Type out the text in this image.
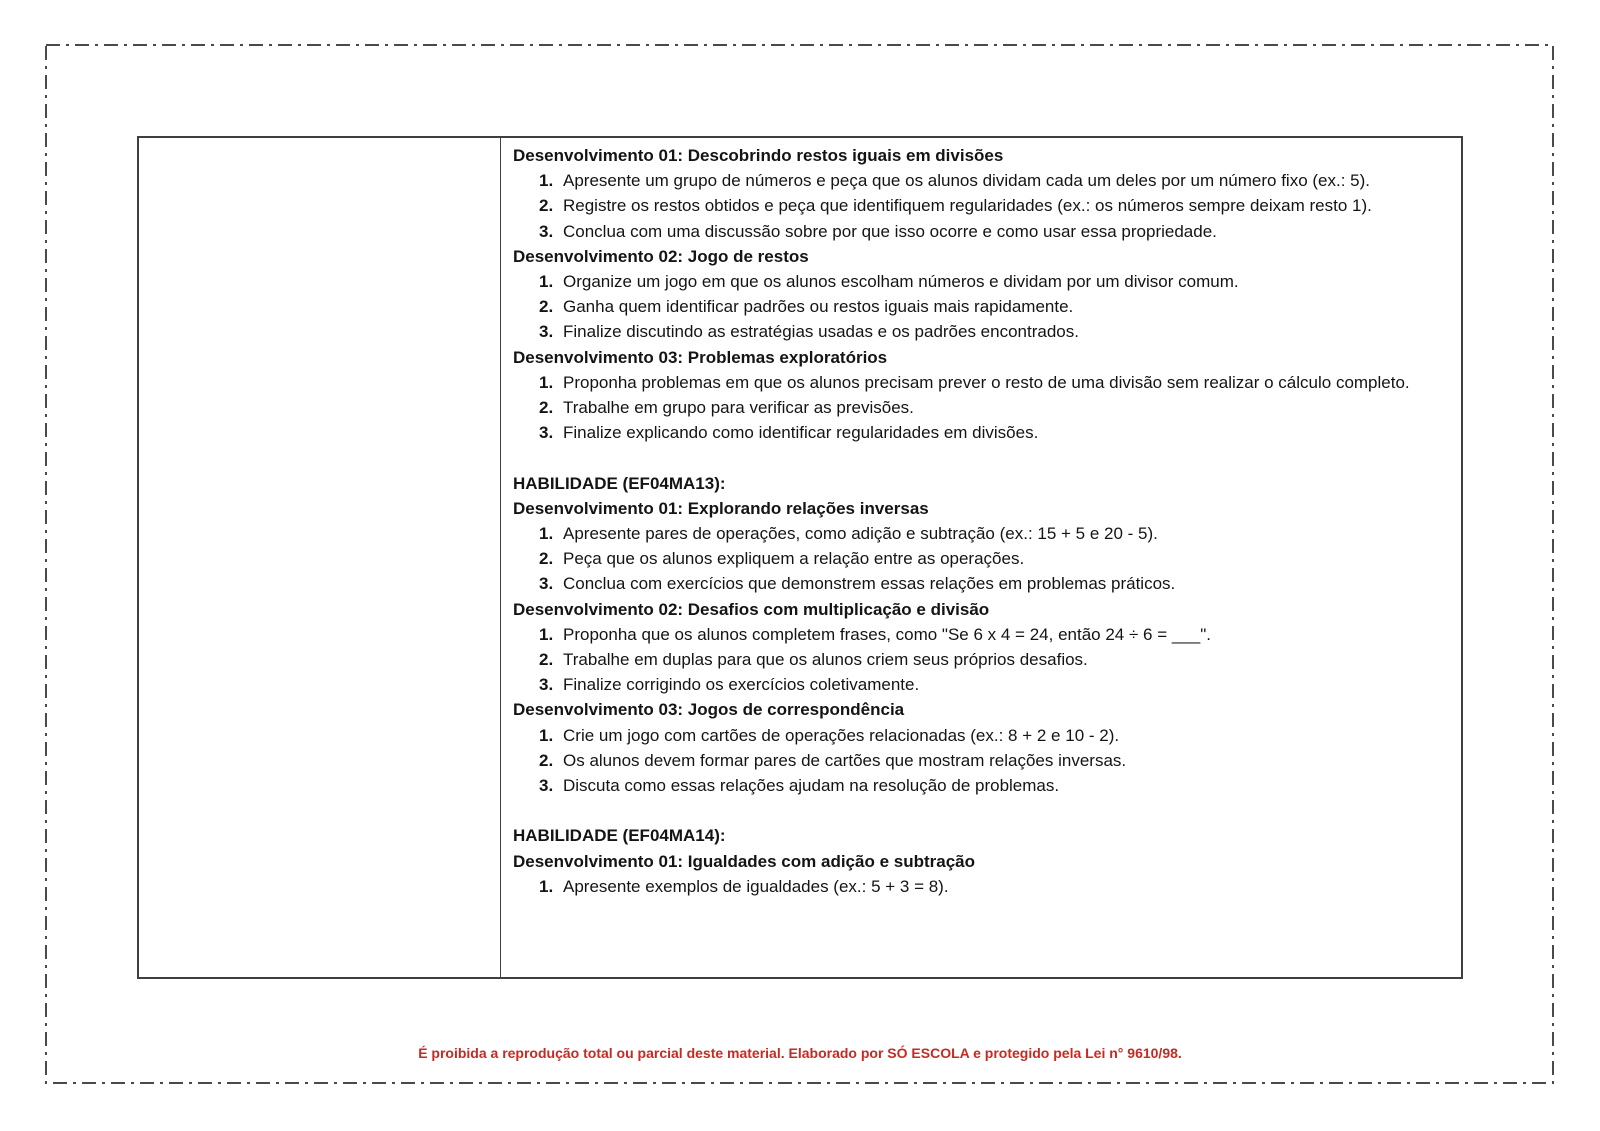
Desenvolvimento 01: Descobrindo restos iguais em divisões
1. Apresente um grupo de números e peça que os alunos dividam cada um deles por um número fixo (ex.: 5).
2. Registre os restos obtidos e peça que identifiquem regularidades (ex.: os números sempre deixam resto 1).
3. Conclua com uma discussão sobre por que isso ocorre e como usar essa propriedade.
Desenvolvimento 02: Jogo de restos
1. Organize um jogo em que os alunos escolham números e dividam por um divisor comum.
2. Ganha quem identificar padrões ou restos iguais mais rapidamente.
3. Finalize discutindo as estratégias usadas e os padrões encontrados.
Desenvolvimento 03: Problemas exploratórios
1. Proponha problemas em que os alunos precisam prever o resto de uma divisão sem realizar o cálculo completo.
2. Trabalhe em grupo para verificar as previsões.
3. Finalize explicando como identificar regularidades em divisões.
HABILIDADE (EF04MA13):
Desenvolvimento 01: Explorando relações inversas
1. Apresente pares de operações, como adição e subtração (ex.: 15 + 5 e 20 - 5).
2. Peça que os alunos expliquem a relação entre as operações.
3. Conclua com exercícios que demonstrem essas relações em problemas práticos.
Desenvolvimento 02: Desafios com multiplicação e divisão
1. Proponha que os alunos completem frases, como "Se 6 x 4 = 24, então 24 ÷ 6 = ___".
2. Trabalhe em duplas para que os alunos criem seus próprios desafios.
3. Finalize corrigindo os exercícios coletivamente.
Desenvolvimento 03: Jogos de correspondência
1. Crie um jogo com cartões de operações relacionadas (ex.: 8 + 2 e 10 - 2).
2. Os alunos devem formar pares de cartões que mostram relações inversas.
3. Discuta como essas relações ajudam na resolução de problemas.
HABILIDADE (EF04MA14):
Desenvolvimento 01: Igualdades com adição e subtração
1. Apresente exemplos de igualdades (ex.: 5 + 3 = 8).
É proibida a reprodução total ou parcial deste material. Elaborado por SÓ ESCOLA e protegido pela Lei n° 9610/98.
